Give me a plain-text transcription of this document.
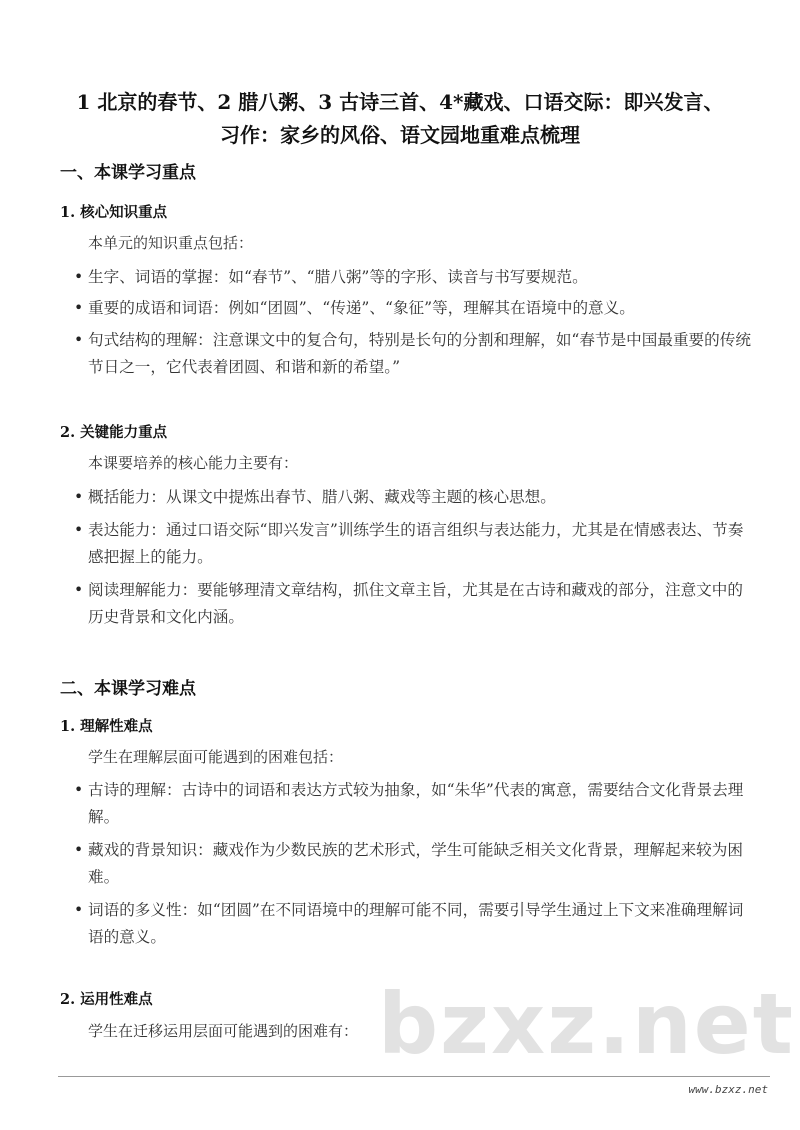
bzxz.net
1 北京的春节、2 腊八粥、3 古诗三首、4*藏戏、口语交际：即兴发言、
习作：家乡的风俗、语文园地重难点梳理
一、本课学习重点
1. 核心知识重点
本单元的知识重点包括：
• 生字、词语的掌握：如“春节”、“腊八粥”等的字形、读音与书写要规范。
• 重要的成语和词语：例如“团圆”、“传递”、“象征”等，理解其在语境中的意义。
• 句式结构的理解：注意课文中的复合句，特别是长句的分割和理解，如“春节是中国最重要的传统节日之一，它代表着团圆、和谐和新的希望。”
2. 关键能力重点
本课要培养的核心能力主要有：
• 概括能力：从课文中提炼出春节、腊八粥、藏戏等主题的核心思想。
• 表达能力：通过口语交际“即兴发言”训练学生的语言组织与表达能力，尤其是在情感表达、节奏感把握上的能力。
• 阅读理解能力：要能够理清文章结构，抓住文章主旨，尤其是在古诗和藏戏的部分，注意文中的历史背景和文化内涵。
二、本课学习难点
1. 理解性难点
学生在理解层面可能遇到的困难包括：
• 古诗的理解：古诗中的词语和表达方式较为抽象，如“朱华”代表的寓意，需要结合文化背景去理解。
• 藏戏的背景知识：藏戏作为少数民族的艺术形式，学生可能缺乏相关文化背景，理解起来较为困难。
• 词语的多义性：如“团圆”在不同语境中的理解可能不同，需要引导学生通过上下文来准确理解词语的意义。
2. 运用性难点
学生在迁移运用层面可能遇到的困难有：
www.bzxz.net
